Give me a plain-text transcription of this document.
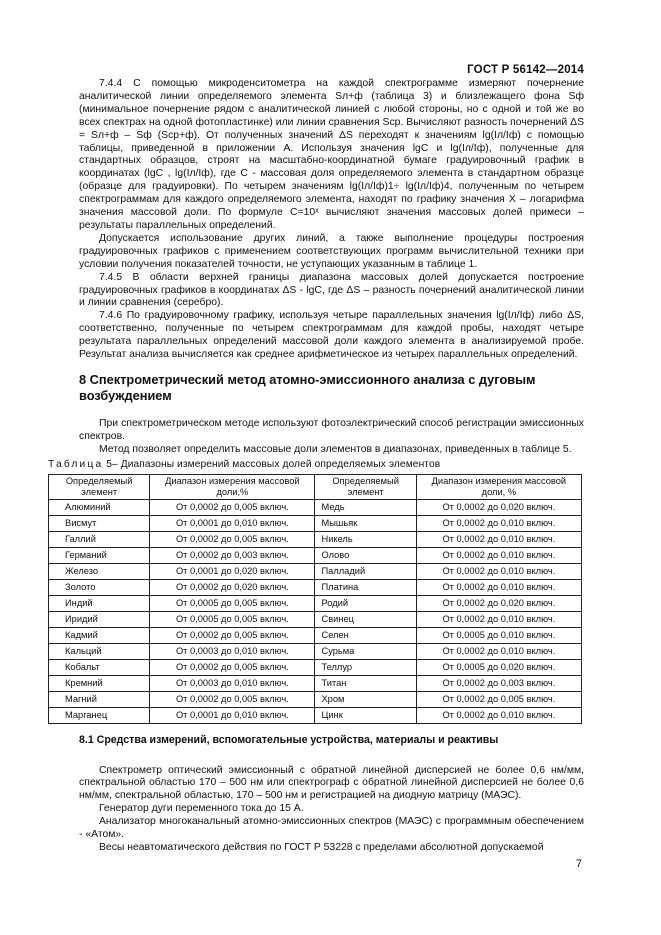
ГОСТ Р 56142—2014

7.4.4 С помощью микроденситометра на каждой спектрограмме измеряют почернение аналитической линии определяемого элемента Sл+ф (таблица 3) и близлежащего фона Sф (минимальное почернение рядом с аналитической линией с любой стороны, но с одной и той же во всех спектрах на одной фотопластинке) или линии сравнения Sср. Вычисляют разность почернений ΔS = Sл+ф – Sф (Sср+ф). От полученных значений ΔS переходят к значениям lg(Iл/Iф) с помощью таблицы, приведенной в приложении А. Используя значения lgC и lg(Iл/Iф), полученные для стандартных образцов, строят на масштабно-координатной бумаге градуировочный график в координатах (lgC , lg(Iл/Iф), где С - массовая доля определяемого элемента в стандартном образце (образце для градуировки). По четырем значениям lg(Iл/Iф)1÷ lg(Iл/Iф)4, полученным по четырем спектрограммам для каждого определяемого элемента, находят по графику значения X – логарифма значения массовой доли. По формуле С=10ˣ вычисляют значения массовых долей примеси – результаты параллельных определений.

Допускается использование других линий, а также выполнение процедуры построения градуировочных графиков с применением соответствующих программ вычислительной техники при условии получения показателей точности, не уступающих указанным в таблице 1.

7.4.5 В области верхней границы диапазона массовых долей допускается построение градуировочных графиков в координатах ΔS - lgC, где ΔS – разность почернений аналитической линии и линии сравнения (серебро).

7.4.6 По градуировочному графику, используя четыре параллельных значения lg(Iл/Iф) либо ΔS, соответственно, полученные по четырем спектрограммам для каждой пробы, находят четыре результата параллельных определений массовой доли каждого элемента в анализируемой пробе. Результат анализа вычисляется как среднее арифметическое из четырех параллельных определений.

8 Спектрометрический метод атомно-эмиссионного анализа с дуговым возбуждением

При спектрометрическом методе используют фотоэлектрический способ регистрации эмиссионных спектров.

Метод позволяет определить массовые доли элементов в диапазонах, приведенных в таблице 5.

Таблица 5– Диапазоны измерений массовых долей определяемых элементов
Определяемый элемент	Диапазон измерения массовой доли,%	Определяемый элемент	Диапазон измерения массовой доли, %
Алюминий	От 0,0002 до 0,005 включ.	Медь	От 0,0002 до 0,020 включ.
Висмут	От 0,0001 до 0,010 включ.	Мышьяк	От 0,0002 до 0,010 включ.
Галлий	От 0,0002 до 0,005 включ.	Никель	От 0,0002 до 0,010 включ.
Германий	От 0,0002 до 0,003 включ.	Олово	От 0,0002 до 0,010 включ.
Железо	От 0,0001 до 0,020 включ.	Палладий	От 0,0002 до 0,010 включ.
Золото	От 0,0002 до 0,020 включ.	Платина	От 0,0002 до 0,010 включ.
Индий	От 0,0005 до 0,005 включ.	Родий	От 0,0002 до 0,020 включ.
Иридий	От 0,0005 до 0,005 включ.	Свинец	От 0,0002 до 0,010 включ.
Кадмий	От 0,0002 до 0,005 включ.	Селен	От 0,0005 до 0,010 включ.
Кальций	От 0,0003 до 0,010 включ.	Сурьма	От 0,0002 до 0,010 включ.
Кобальт	От 0,0002 до 0,005 включ.	Теллур	От 0,0005 до 0,020 включ.
Кремний	От 0,0003 до 0,010 включ.	Титан	От 0,0002 до 0,003 включ.
Магний	От 0,0002 до 0,005 включ.	Хром	От 0,0002 до 0,005 включ.
Марганец	От 0,0001 до 0,010 включ.	Цинк	От 0,0002 до 0,010 включ.
8.1 Средства измерений, вспомогательные устройства, материалы и реактивы

Спектрометр оптический эмиссионный с обратной линейной дисперсией не более 0,6 нм/мм, спектральной областью 170 – 500 нм или спектрограф с обратной линейной дисперсией не более 0,6 нм/мм, спектральной областью, 170 – 500 нм и регистрацией на диодную матрицу (МАЭС).

Генератор дуги переменного тока до 15 А.

Анализатор многоканальный атомно-эмиссионных спектров (МАЭС) с программным обеспечением - «Атом».

Весы неавтоматического действия по ГОСТ Р 53228 с пределами абсолютной допускаемой

7
